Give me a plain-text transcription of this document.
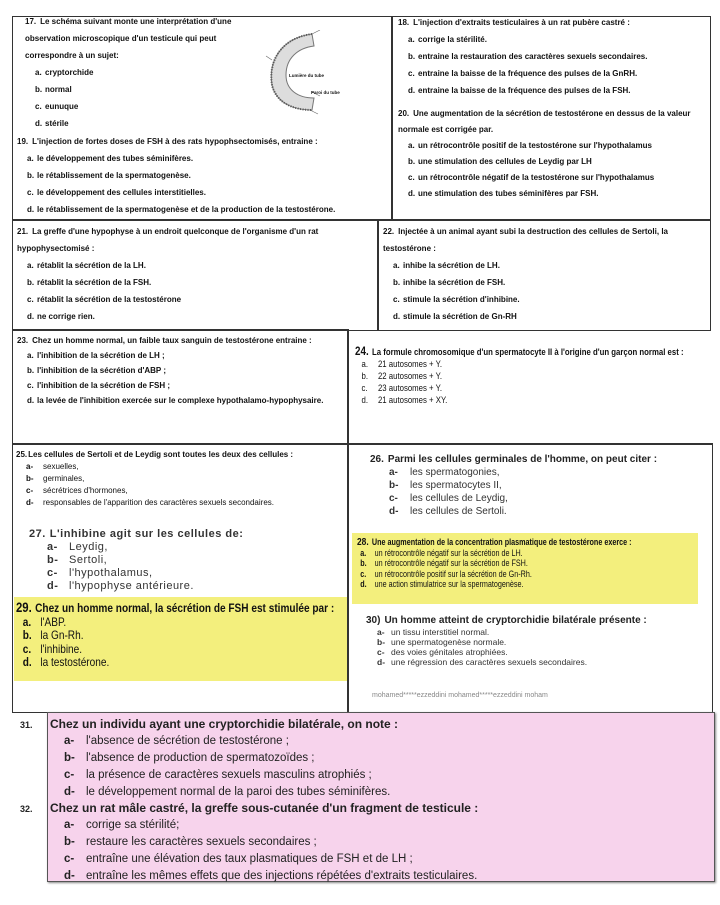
Lumière du tube
Paroi du tube
17. Le schéma suivant monte une interprétation d'une observation microscopique d'un testicule qui peut correspondre à un sujet:
a. cryptorchide
b. normal
c. eunuque
d. stérile
19. L'injection de fortes doses de FSH à des rats hypophsectomisés, entraine :
a. le développement des tubes séminifères.
b. le rétablissement de la spermatogenèse.
c. le développement des cellules interstitielles.
d. le rétablissement de la spermatogenèse et de la production de la testostérone.
18. L'injection d'extraits testiculaires à un rat pubère castré :
a. corrige la stérilité.
b. entraine la restauration des caractères sexuels secondaires.
c. entraine la baisse de la fréquence des pulses de la GnRH.
d. entraine la baisse de la fréquence des pulses de la FSH.
20. Une augmentation de la sécrétion de testostérone en dessus de la valeur normale est corrigée par.
a. un rétrocontrôle positif de la testostérone sur l'hypothalamus
b. une stimulation des cellules de Leydig par LH
c. un rétrocontrôle négatif de la testostérone sur l'hypothalamus
d. une stimulation des tubes séminifères par FSH.
21. La greffe d'une hypophyse à un endroit quelconque de l'organisme d'un rat hypophysectomisé :
a. rétablit la sécrétion de la LH.
b. rétablit la sécrétion de la FSH.
c. rétablit la sécrétion de la testostérone
d. ne corrige rien.
22. Injectée à un animal ayant subi la destruction des cellules de Sertoli, la testostérone :
a. inhibe la sécrétion de LH.
b. inhibe la sécrétion de FSH.
c. stimule la sécrétion d'inhibine.
d. stimule la sécrétion de Gn-RH
23. Chez un homme normal, un faible taux sanguin de testostérone entraine :
a. l'inhibition de la sécrétion de LH ;
b. l'inhibition de la sécrétion d'ABP ;
c. l'inhibition de la sécrétion de FSH ;
d. la levée de l'inhibition exercée sur le complexe hypothalamo-hypophysaire.
24. La formule chromosomique d'un spermatocyte II à l'origine d'un garçon normal est :
a.	21 autosomes + Y.
b.	22 autosomes + Y.
c.	23 autosomes + Y.
d.	21 autosomes + XY.
25.Les cellules de Sertoli et de Leydig sont toutes les deux des cellules :
a-	sexuelles,
b-	germinales,
c-	sécrétrices d'hormones,
d-	responsables de l'apparition des caractères sexuels secondaires.
27. L'inhibine agit sur les cellules de:
a-	Leydig,
b- Sertoli,
c-	l'hypothalamus,
d- l'hypophyse antérieure.
29. Chez un homme normal, la sécrétion de FSH est stimulée par :
a. l'ABP.
b. la Gn-Rh.
c. l'inhibine.
d. la testostérone.
26. Parmi les cellules germinales de l'homme, on peut citer :
a-	les spermatogonies,
b-	les spermatocytes II,
c-	les cellules de Leydig,
d-	les cellules de Sertoli.
28. Une augmentation de la concentration plasmatique de testostérone exerce :
a. un rétrocontrôle négatif sur la sécrétion de LH.
b. un rétrocontrôle négatif sur la sécrétion de FSH.
c. un rétrocontrôle positif sur la sécrétion de Gn-Rh.
d. une action stimulatrice sur la spermatogenèse.
30) Un homme atteint de cryptorchidie bilatérale présente :
a- un tissu interstitiel normal.
b- une spermatogenèse normale.
c- des voies génitales atrophiées.
d- une régression des caractères sexuels secondaires.
31. Chez un individu ayant une cryptorchidie bilatérale, on note :
a-	l'absence de sécrétion de testostérone ;
b- l'absence de production de spermatozoïdes ;
c-	la présence de caractères sexuels masculins atrophiés ;
d- le développement normal de la paroi des tubes séminifères.
32. Chez un rat mâle castré, la greffe sous-cutanée d'un fragment de testicule :
a-	corrige sa stérilité;
b- restaure les caractères sexuels secondaires ;
c-	entraîne une élévation des taux plasmatiques de FSH et de LH ;
d- entraîne les mêmes effets que des injections répétées d'extraits testiculaires.
mohamed*****ezzeddini mohamed*****ezzeddini moham
